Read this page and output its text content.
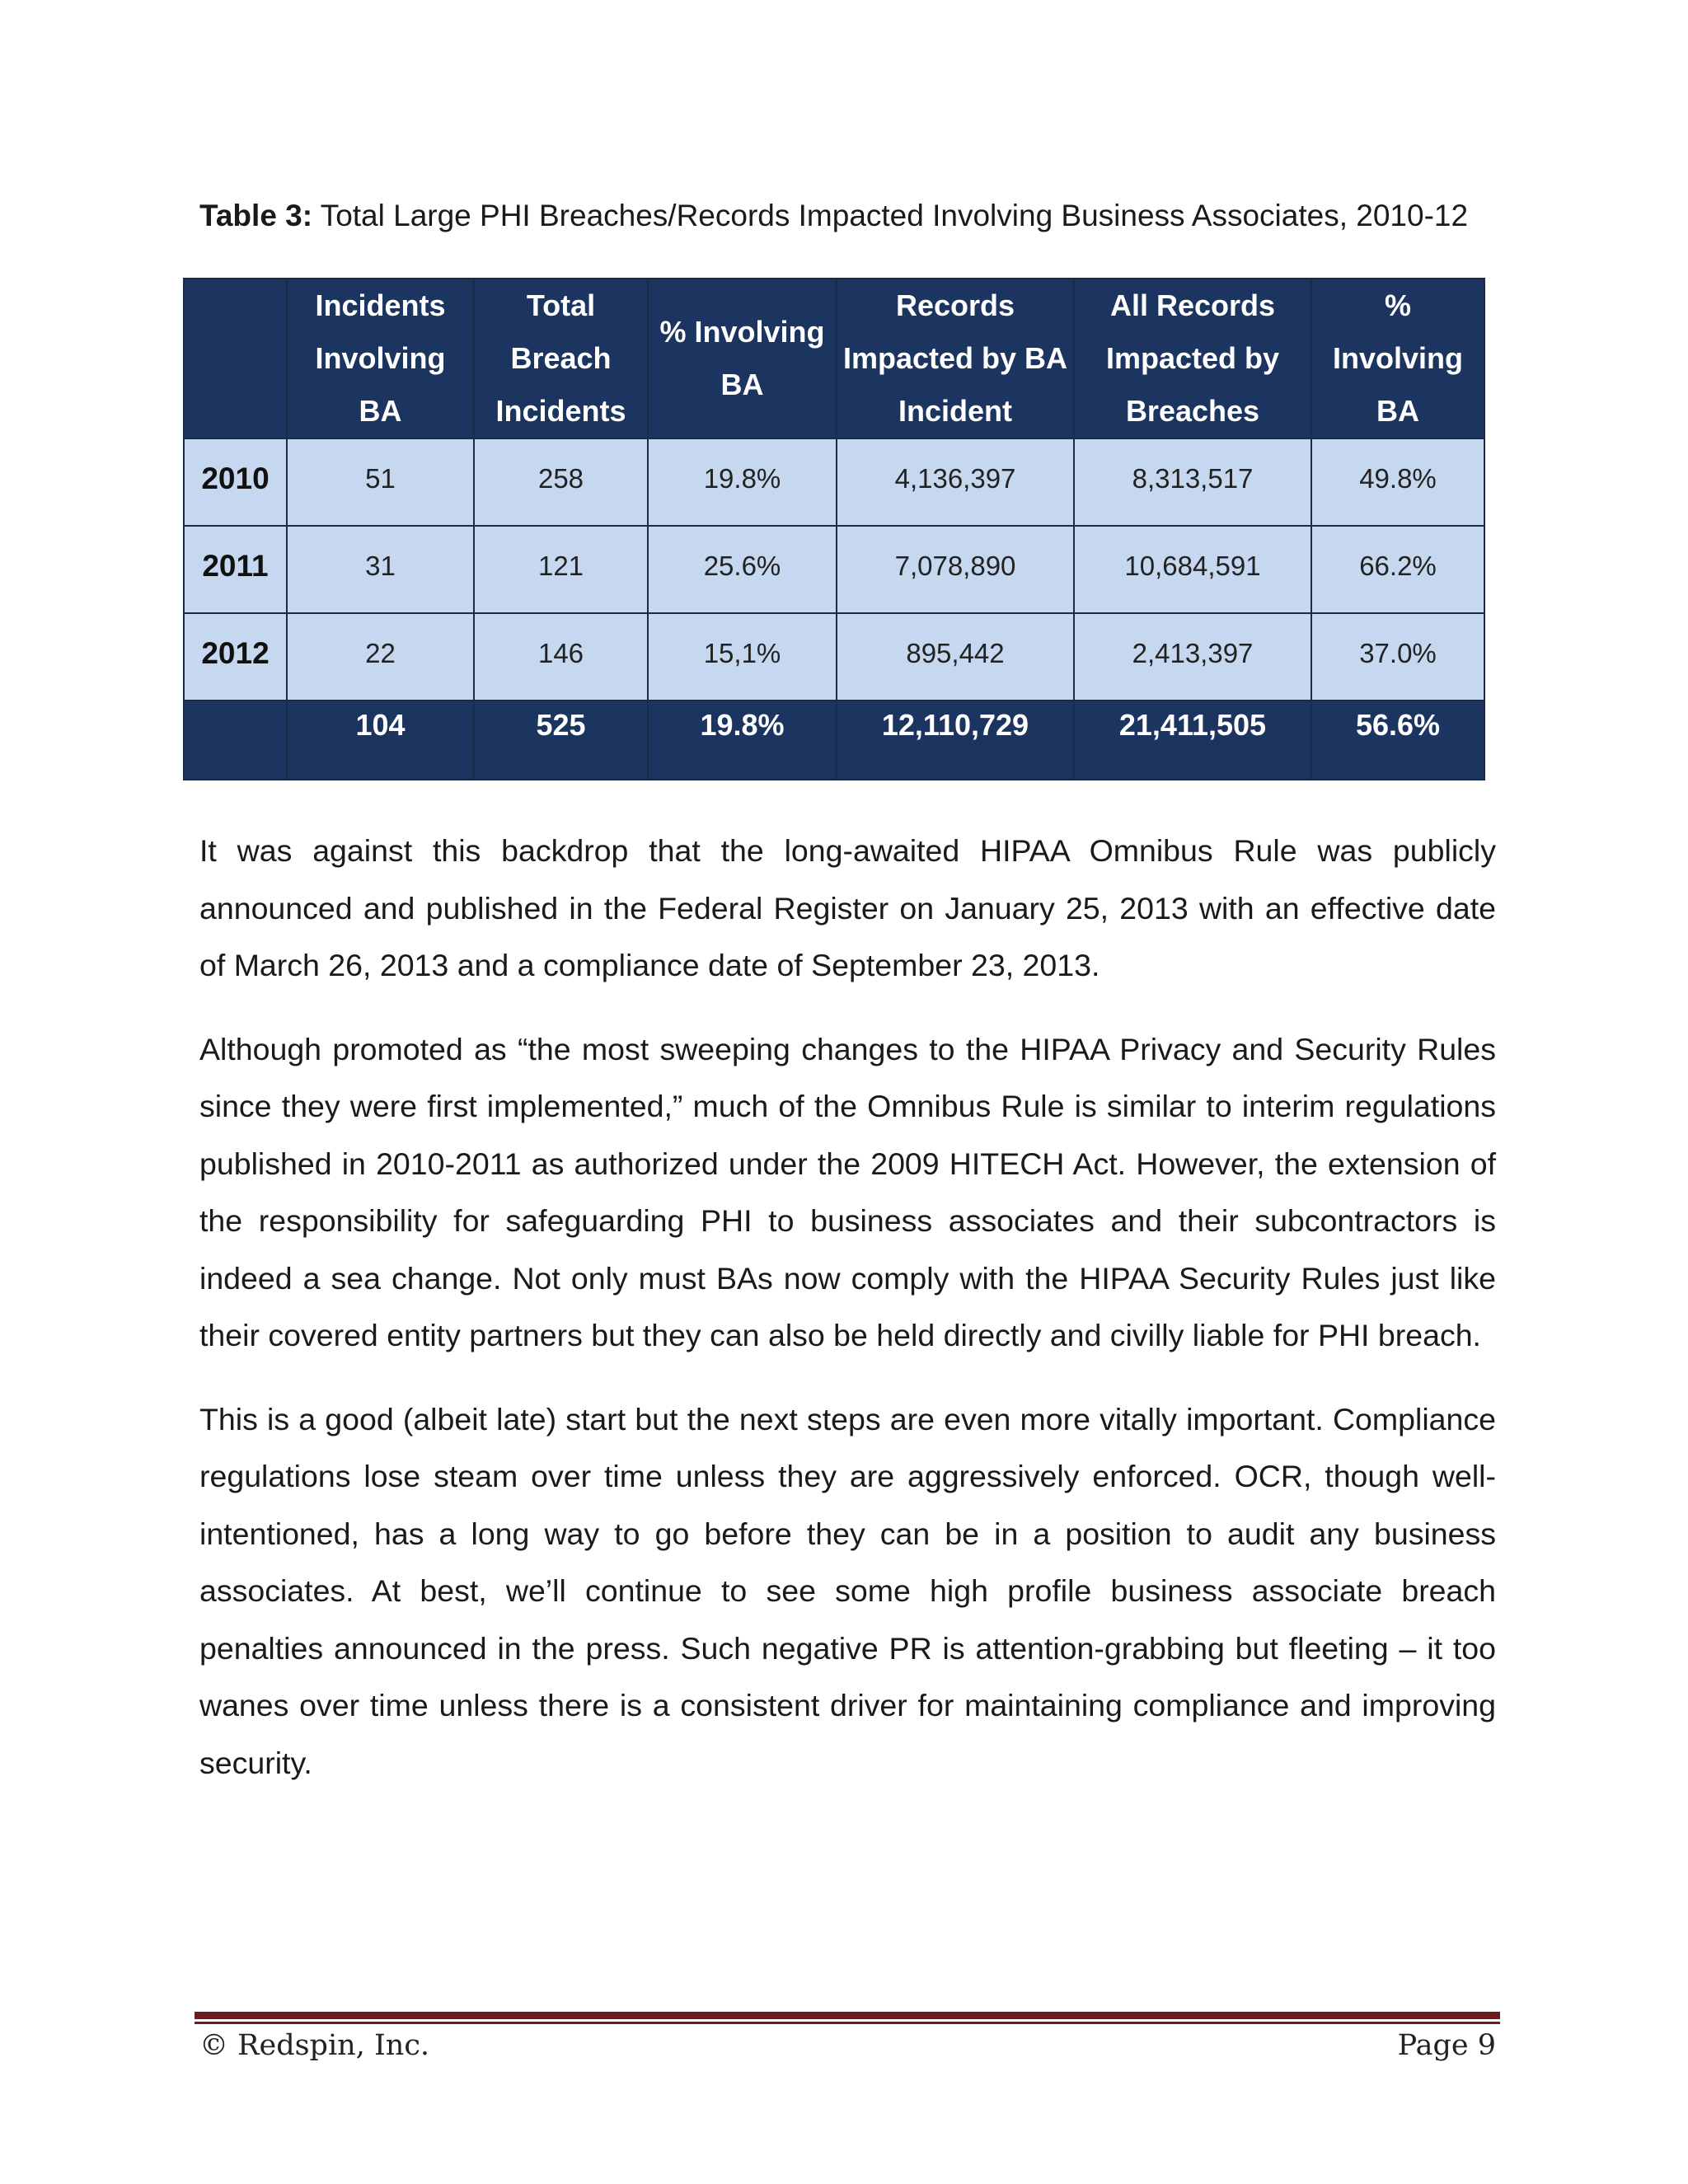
Table 3: Total Large PHI Breaches/Records Impacted Involving Business Associates, 2010-12
	Incidents Involving BA	Total Breach Incidents	% Involving BA	Records Impacted by BA Incident	All Records Impacted by Breaches	% Involving BA
2010	51	258	19.8%	4,136,397	8,313,517	49.8%
2011	31	121	25.6%	7,078,890	10,684,591	66.2%
2012	22	146	15,1%	895,442	2,413,397	37.0%
	104	525	19.8%	12,110,729	21,411,505	56.6%

It was against this backdrop that the long-awaited HIPAA Omnibus Rule was publicly announced and published in the Federal Register on January 25, 2013 with an effective date of March 26, 2013 and a compliance date of September 23, 2013.

Although promoted as “the most sweeping changes to the HIPAA Privacy and Security Rules since they were first implemented,” much of the Omnibus Rule is similar to interim regulations published in 2010-2011 as authorized under the 2009 HITECH Act. However, the extension of the responsibility for safeguarding PHI to business associates and their subcontractors is indeed a sea change. Not only must BAs now comply with the HIPAA Security Rules just like their covered entity partners but they can also be held directly and civilly liable for PHI breach.

This is a good (albeit late) start but the next steps are even more vitally important. Compliance regulations lose steam over time unless they are aggressively enforced. OCR, though well-intentioned, has a long way to go before they can be in a position to audit any business associates. At best, we’ll continue to see some high profile business associate breach penalties announced in the press. Such negative PR is attention-grabbing but fleeting – it too wanes over time unless there is a consistent driver for maintaining compliance and improving security.

© Redspin, Inc.	Page 9
